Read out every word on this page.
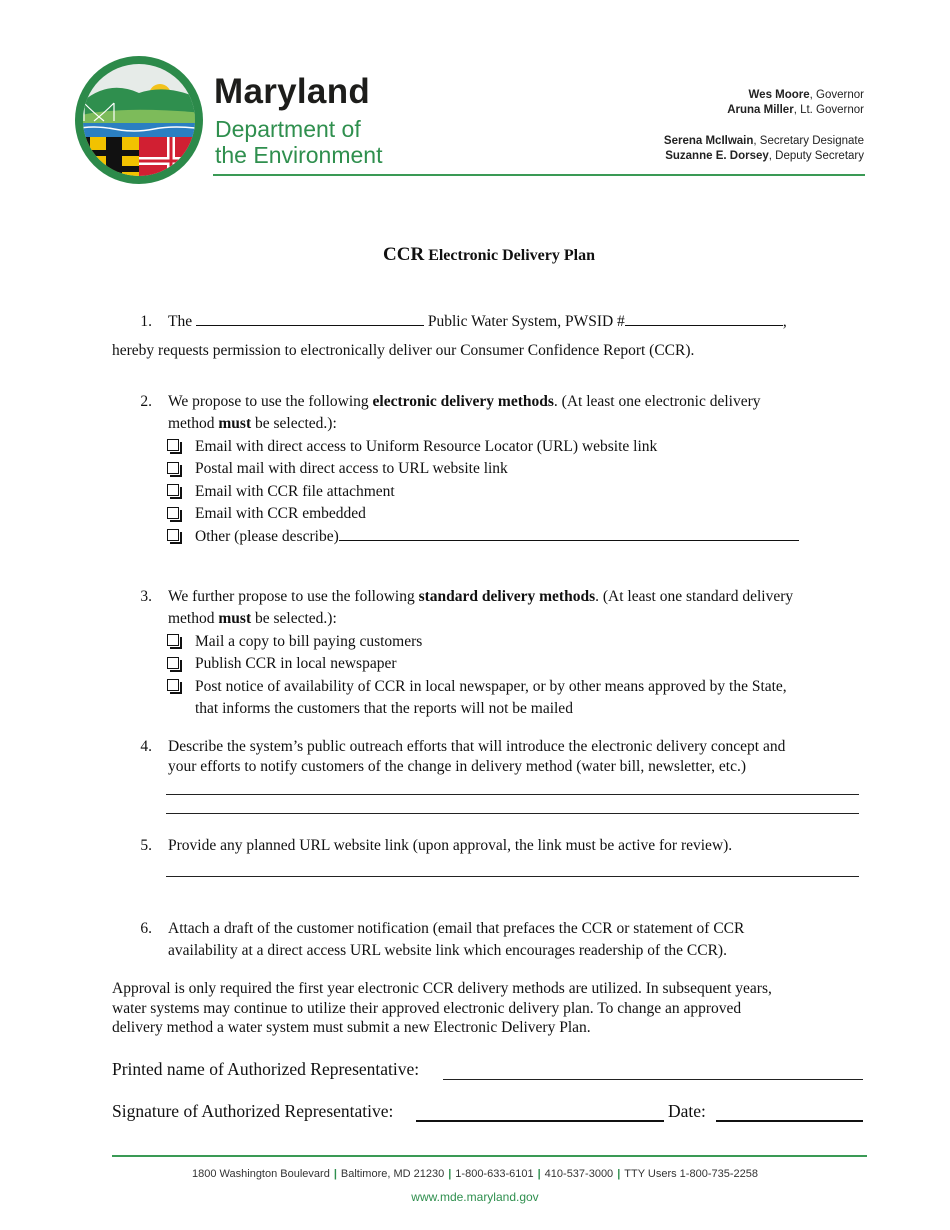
Maryland
Department of
the Environment
Wes Moore, Governor
Aruna Miller, Lt. Governor
Serena McIlwain, Secretary Designate
Suzanne E. Dorsey, Deputy Secretary
CCR Electronic Delivery Plan
1. The	Public Water System, PWSID #	,
hereby requests permission to electronically deliver our Consumer Confidence Report (CCR).
2. We propose to use the following electronic delivery methods. (At least one electronic delivery
method must be selected.):
Email with direct access to Uniform Resource Locator (URL) website link
Postal mail with direct access to URL website link
Email with CCR file attachment
Email with CCR embedded
Other (please describe)
3. We further propose to use the following standard delivery methods. (At least one standard delivery
method must be selected.):
Mail a copy to bill paying customers
Publish CCR in local newspaper
Post notice of availability of CCR in local newspaper, or by other means approved by the State,
that informs the customers that the reports will not be mailed
4. Describe the system’s public outreach efforts that will introduce the electronic delivery concept and
your efforts to notify customers of the change in delivery method (water bill, newsletter, etc.)
5. Provide any planned URL website link (upon approval, the link must be active for review).
6. Attach a draft of the customer notification (email that prefaces the CCR or statement of CCR
availability at a direct access URL website link which encourages readership of the CCR).
Approval is only required the first year electronic CCR delivery methods are utilized. In subsequent years,
water systems may continue to utilize their approved electronic delivery plan. To change an approved
delivery method a water system must submit a new Electronic Delivery Plan.
Printed name of Authorized Representative:
Signature of Authorized Representative:	Date:
1800 Washington Boulevard | Baltimore, MD 21230 | 1-800-633-6101 | 410-537-3000 | TTY Users 1-800-735-2258
www.mde.maryland.gov
